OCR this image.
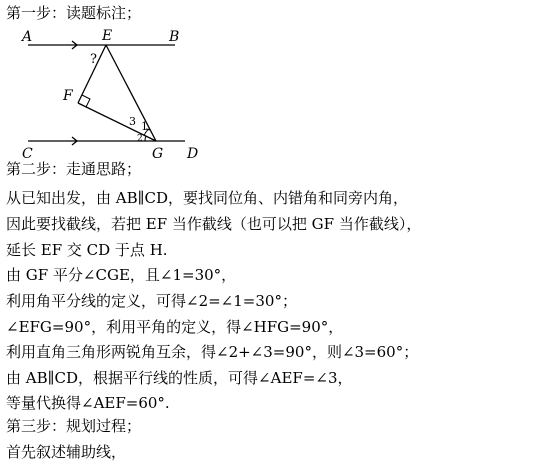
第一步：读题标注；
A	E	B
F
C	G D
?
3 1
2
第二步：走通思路；
从已知出发，由 AB∥CD，要找同位角、内错角和同旁内角，
因此要找截线，若把 EF 当作截线（也可以把 GF 当作截线），
延长 EF 交 CD 于点 H.
由 GF 平分∠CGE，且∠1=30°，
利用角平分线的定义，可得∠2=∠1=30°；
∠EFG=90°，利用平角的定义，得∠HFG=90°，
利用直角三角形两锐角互余，得∠2+∠3=90°，则∠3=60°；
由 AB∥CD，根据平行线的性质，可得∠AEF=∠3，
等量代换得∠AEF=60°.
第三步：规划过程；
首先叙述辅助线，
